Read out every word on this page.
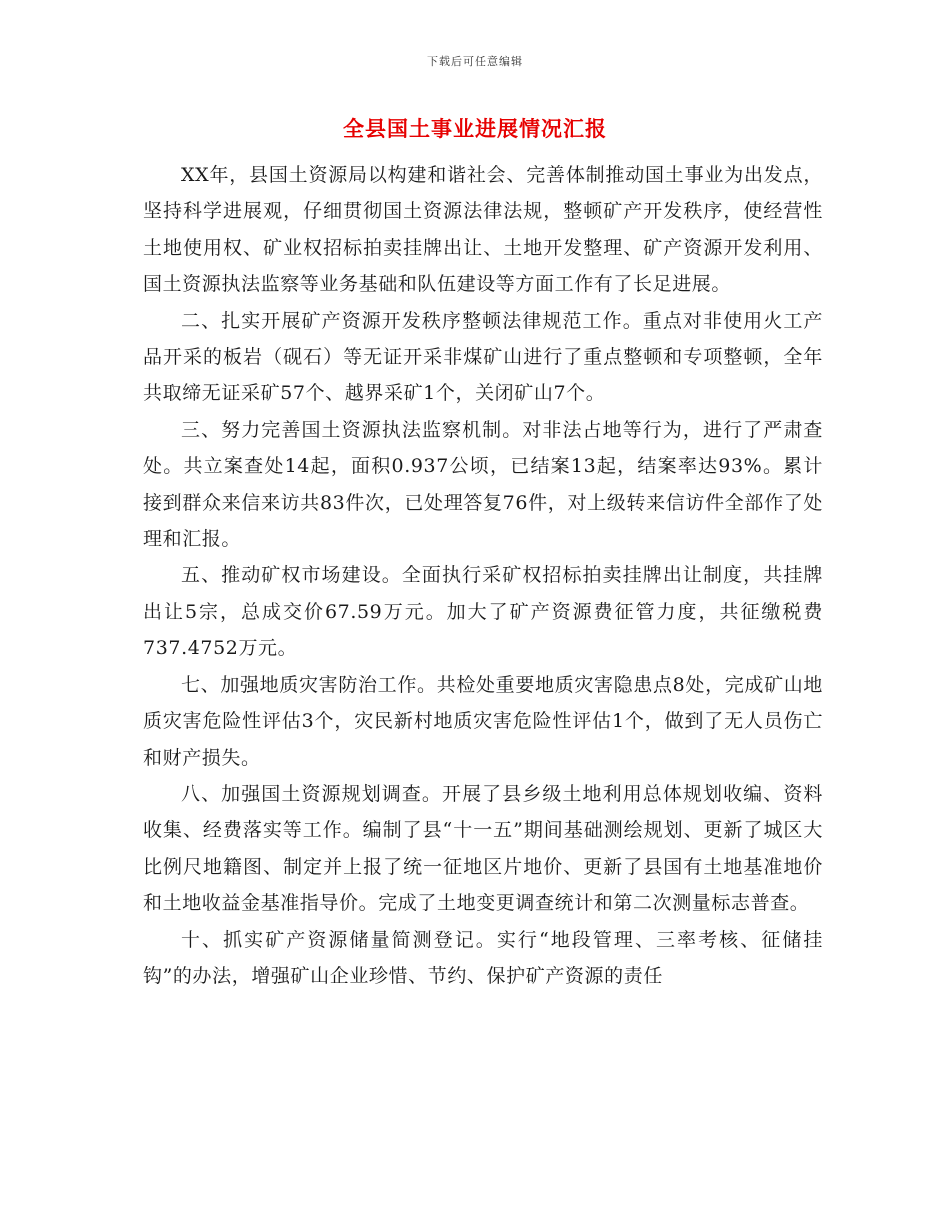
下载后可任意编辑
全县国土事业进展情况汇报

XX年，县国土资源局以构建和谐社会、完善体制推动国土事业为出发点，坚持科学进展观，仔细贯彻国土资源法律法规，整顿矿产开发秩序，使经营性土地使用权、矿业权招标拍卖挂牌出让、土地开发整理、矿产资源开发利用、国土资源执法监察等业务基础和队伍建设等方面工作有了长足进展。

二、扎实开展矿产资源开发秩序整顿法律规范工作。重点对非使用火工产品开采的板岩（砚石）等无证开采非煤矿山进行了重点整顿和专项整顿，全年共取缔无证采矿57个、越界采矿1个，关闭矿山7个。

三、努力完善国土资源执法监察机制。对非法占地等行为，进行了严肃查处。共立案查处14起，面积0.937公顷，已结案13起，结案率达93%。累计接到群众来信来访共83件次，已处理答复76件，对上级转来信访件全部作了处理和汇报。

五、推动矿权市场建设。全面执行采矿权招标拍卖挂牌出让制度，共挂牌出让5宗，总成交价67.59万元。加大了矿产资源费征管力度，共征缴税费737.4752万元。

七、加强地质灾害防治工作。共检处重要地质灾害隐患点8处，完成矿山地质灾害危险性评估3个，灾民新村地质灾害危险性评估1个，做到了无人员伤亡和财产损失。

八、加强国土资源规划调查。开展了县乡级土地利用总体规划收编、资料收集、经费落实等工作。编制了县“十一五”期间基础测绘规划、更新了城区大比例尺地籍图、制定并上报了统一征地区片地价、更新了县国有土地基准地价和土地收益金基准指导价。完成了土地变更调查统计和第二次测量标志普查。

十、抓实矿产资源储量简测登记。实行“地段管理、三率考核、征储挂钩”的办法，增强矿山企业珍惜、节约、保护矿产资源的责任
